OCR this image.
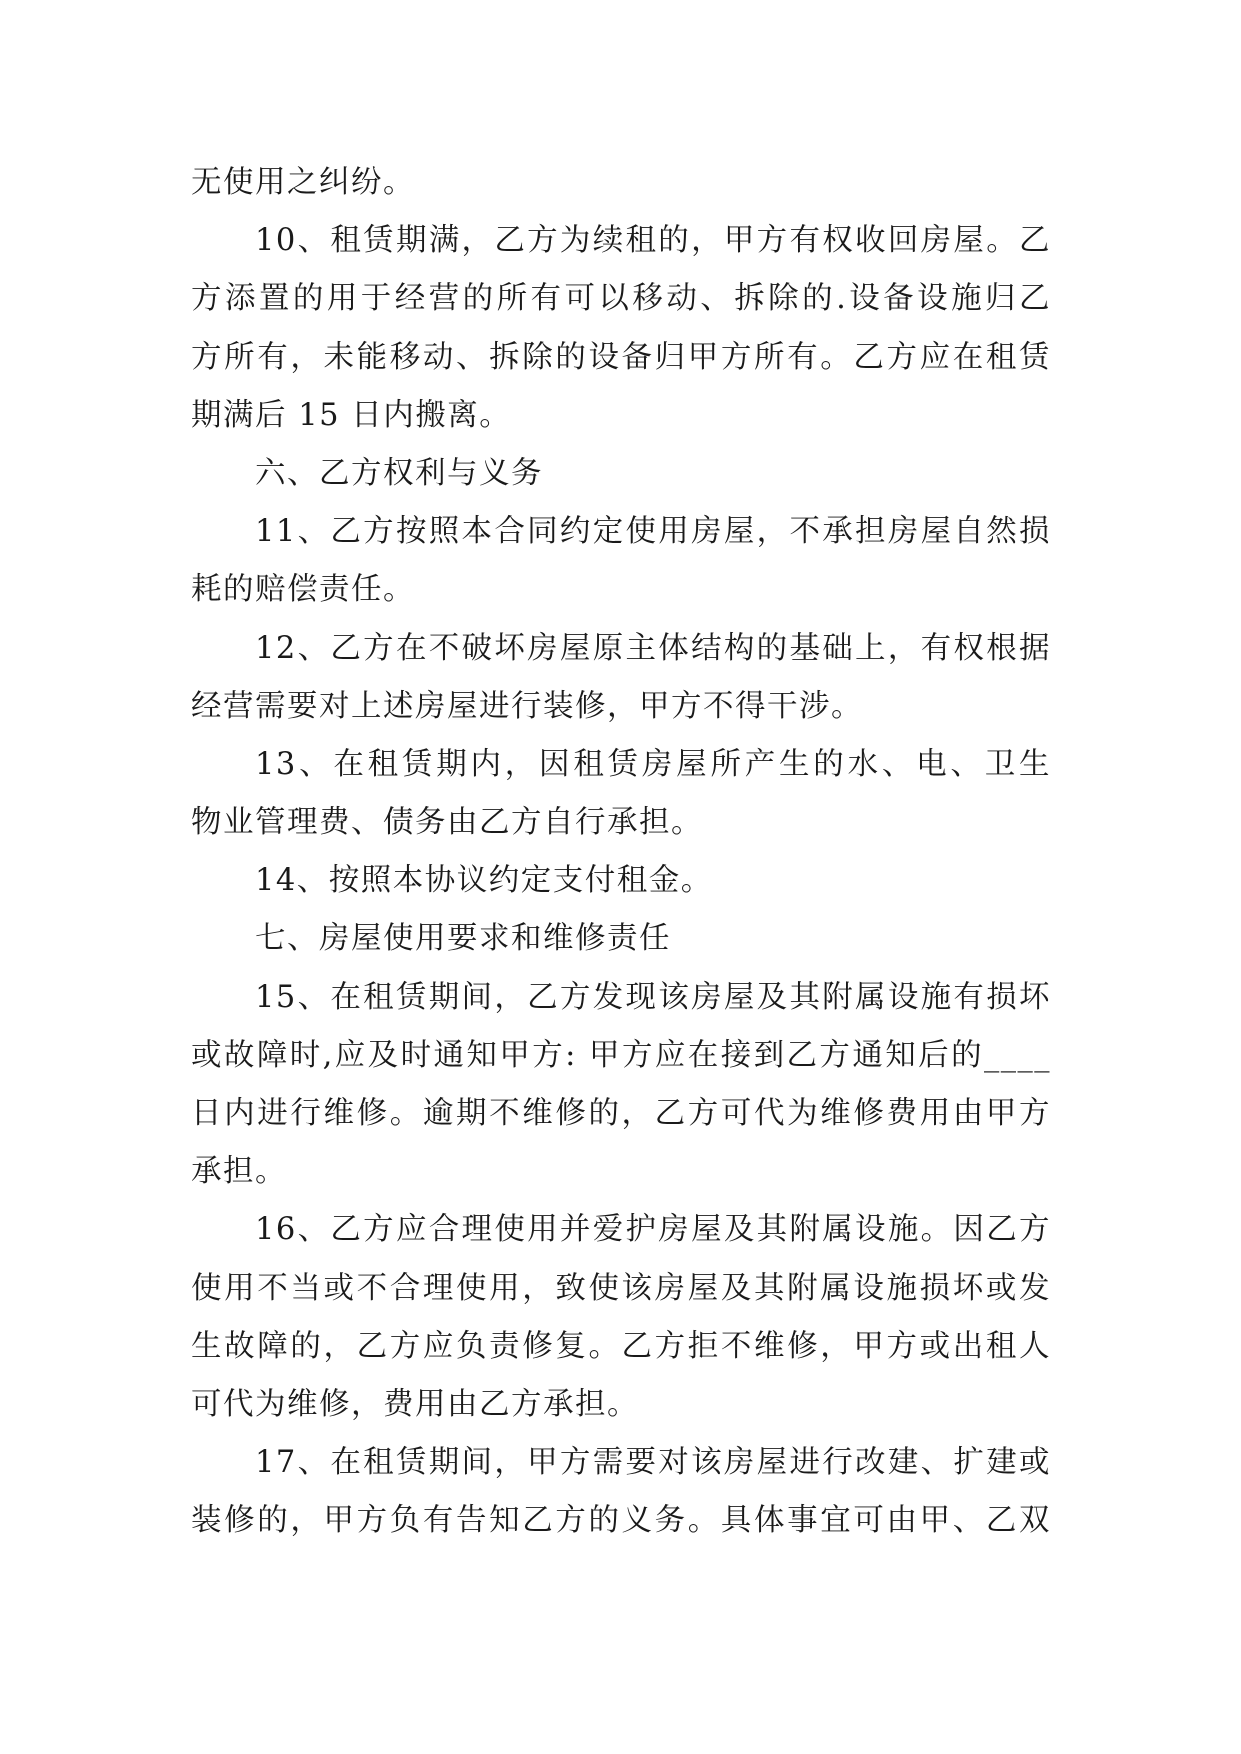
无使用之纠纷。
10、租赁期满，乙方为续租的，甲方有权收回房屋。乙
方添置的用于经营的所有可以移动、拆除的.设备设施归乙
方所有，未能移动、拆除的设备归甲方所有。乙方应在租赁
期满后 15 日内搬离。
六、乙方权利与义务
11、乙方按照本合同约定使用房屋，不承担房屋自然损
耗的赔偿责任。
12、乙方在不破坏房屋原主体结构的基础上，有权根据
经营需要对上述房屋进行装修，甲方不得干涉。
13、在租赁期内，因租赁房屋所产生的水、电、卫生
物业管理费、债务由乙方自行承担。
14、按照本协议约定支付租金。
七、房屋使用要求和维修责任
15、在租赁期间，乙方发现该房屋及其附属设施有损坏
或故障时,应及时通知甲方: 甲方应在接到乙方通知后的____
日内进行维修。逾期不维修的，乙方可代为维修费用由甲方
承担。
16、乙方应合理使用并爱护房屋及其附属设施。因乙方
使用不当或不合理使用，致使该房屋及其附属设施损坏或发
生故障的，乙方应负责修复。乙方拒不维修，甲方或出租人
可代为维修，费用由乙方承担。
17、在租赁期间，甲方需要对该房屋进行改建、扩建或
装修的，甲方负有告知乙方的义务。具体事宜可由甲、乙双
